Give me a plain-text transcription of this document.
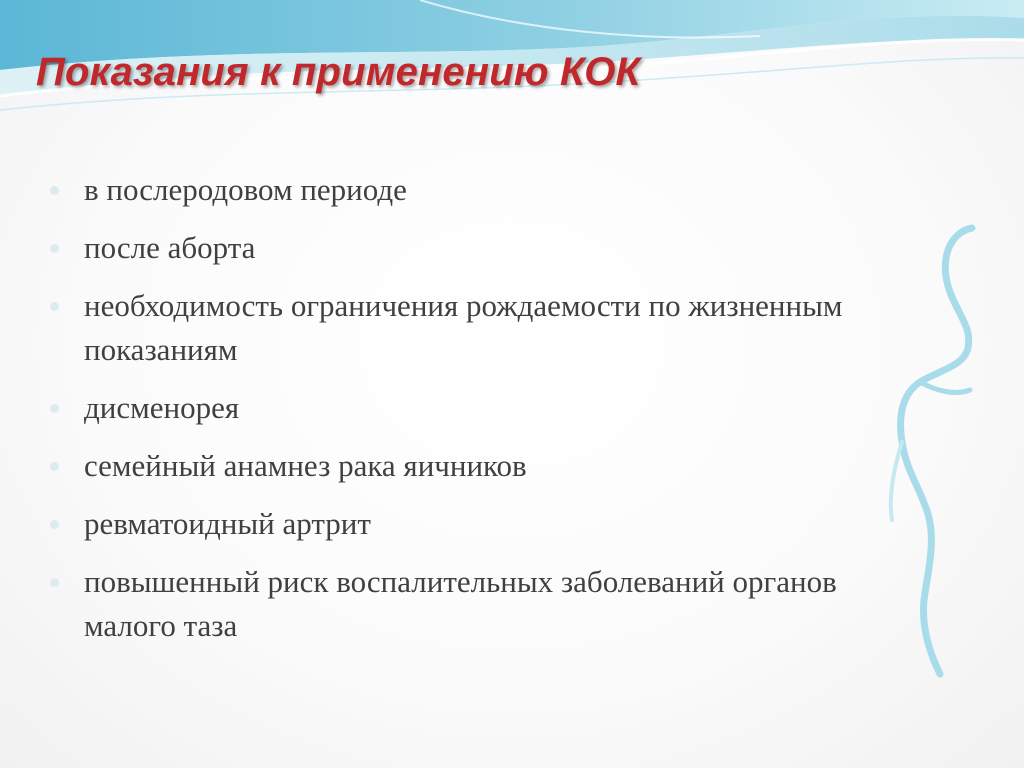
Показания к применению КОК
в послеродовом периоде
после аборта
необходимость ограничения рождаемости по жизненным показаниям
дисменорея
семейный анамнез рака яичников
ревматоидный артрит
повышенный риск воспалительных заболеваний органов малого таза
